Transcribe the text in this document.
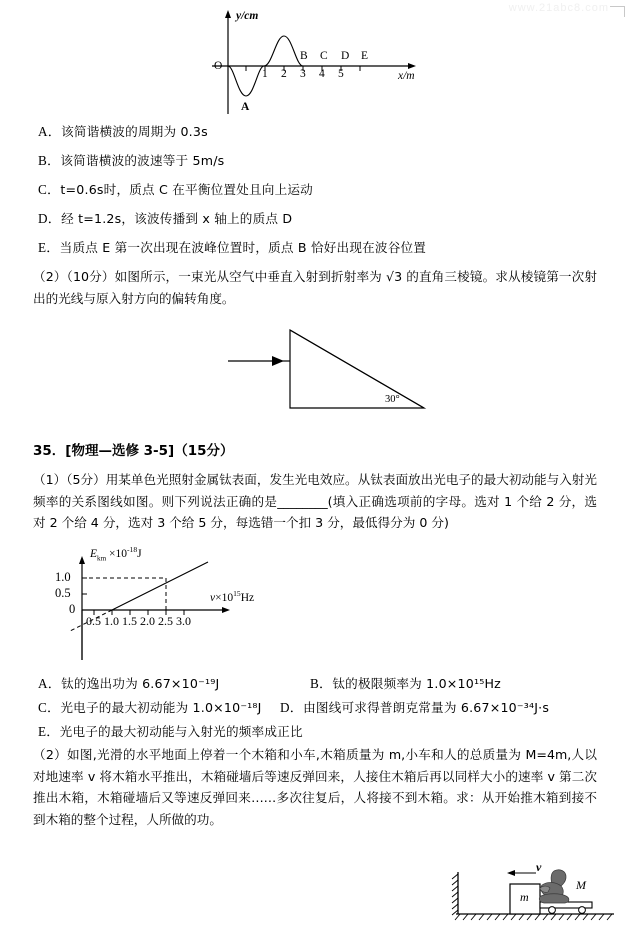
www.21abc8.com
y/cm
x/m
O
A
1 2 3 4 5
B C D E
A．该简谐横波的周期为 0.3s
B．该简谐横波的波速等于 5m/s
C．t=0.6s时，质点 C 在平衡位置处且向上运动
D．经 t=1.2s，该波传播到 x 轴上的质点 D
E．当质点 E 第一次出现在波峰位置时，质点 B 恰好出现在波谷位置
（2）（10分）如图所示，一束光从空气中垂直入射到折射率为 √3 的直角三棱镜。求从棱镜第一次射出的光线与原入射方向的偏转角度。
30°
35．[物理—选修 3-5]（15分）
（1）（5分）用某单色光照射金属钛表面，发生光电效应。从钛表面放出光电子的最大初动能与入射光频率的关系图线如图。则下列说法正确的是________(填入正确选项前的字母。选对 1 个给 2 分，选对 2 个给 4 分，选对 3 个给 5 分，每选错一个扣 3 分，最低得分为 0 分)
$E_{km} \times 10^{-18}J$
$\nu\times 10^{15}Hz$
1.0
0.5
0
0.5 1.0 1.5 2.0 2.5 3.0
A．钛的逸出功为 6.67×10⁻¹⁹J	B．钛的极限频率为 1.0×10¹⁵Hz
C．光电子的最大初动能为 1.0×10⁻¹⁸J D．由图线可求得普朗克常量为 6.67×10⁻³⁴J·s
E．光电子的最大初动能与入射光的频率成正比
（2）如图,光滑的水平地面上停着一个木箱和小车,木箱质量为 m,小车和人的总质量为 M=4m,人以对地速率 v 将木箱水平推出，木箱碰墙后等速反弹回来，人接住木箱后再以同样大小的速率 v 第二次推出木箱，木箱碰墙后又等速反弹回来……多次往复后，人将接不到木箱。求：从开始推木箱到接不到木箱的整个过程，人所做的功。
v
m
M
